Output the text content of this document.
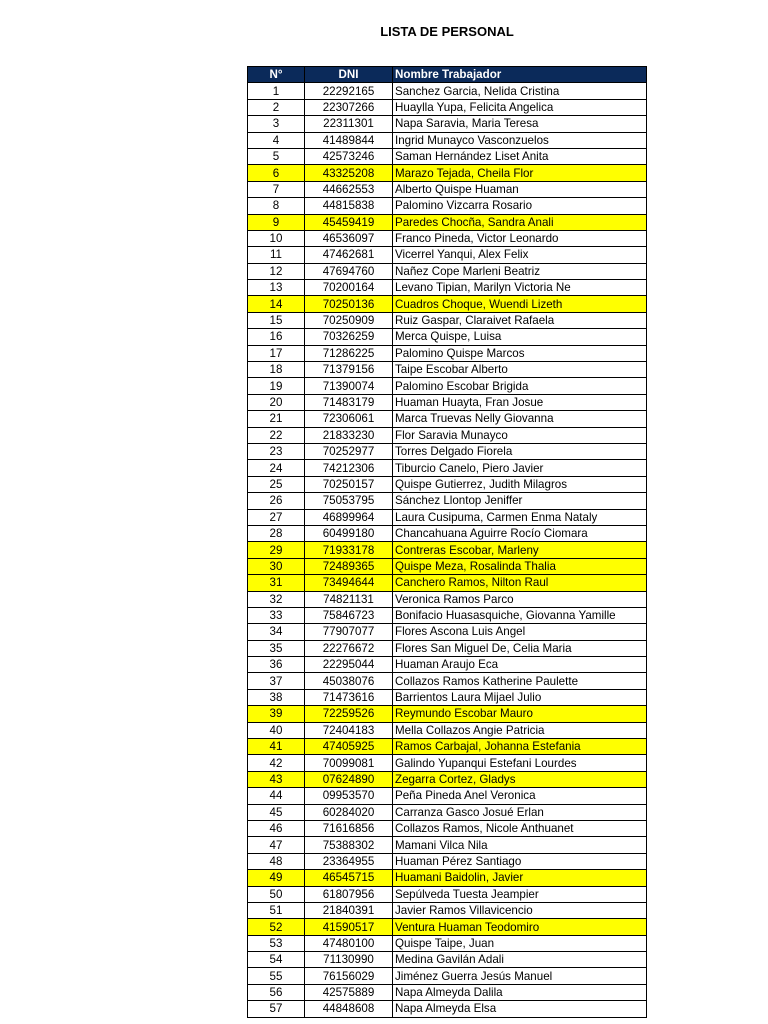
LISTA DE PERSONAL
N°	DNI	Nombre Trabajador
1	22292165	Sanchez Garcia, Nelida Cristina
2	22307266	Huaylla Yupa, Felicita Angelica
3	22311301	Napa Saravia, Maria Teresa
4	41489844	Ingrid Munayco Vasconzuelos
5	42573246	Saman Hernández Liset Anita
6	43325208	Marazo Tejada, Cheila Flor
7	44662553	Alberto Quispe Huaman
8	44815838	Palomino Vizcarra Rosario
9	45459419	Paredes Chocña, Sandra Anali
10	46536097	Franco Pineda, Victor Leonardo
11	47462681	Vicerrel Yanqui, Alex Felix
12	47694760	Nañez Cope Marleni Beatriz
13	70200164	Levano Tipian, Marilyn Victoria Ne
14	70250136	Cuadros Choque, Wuendi Lizeth
15	70250909	Ruiz Gaspar, Claraivet Rafaela
16	70326259	Merca Quispe, Luisa
17	71286225	Palomino Quispe Marcos
18	71379156	Taipe Escobar Alberto
19	71390074	Palomino Escobar Brigida
20	71483179	Huaman Huayta, Fran Josue
21	72306061	Marca Truevas Nelly Giovanna
22	21833230	Flor Saravia Munayco
23	70252977	Torres Delgado Fiorela
24	74212306	Tiburcio Canelo, Piero Javier
25	70250157	Quispe Gutierrez, Judith Milagros
26	75053795	Sánchez Llontop Jeniffer
27	46899964	Laura Cusipuma, Carmen Enma Nataly
28	60499180	Chancahuana Aguirre Rocío Ciomara
29	71933178	Contreras Escobar, Marleny
30	72489365	Quispe Meza, Rosalinda Thalia
31	73494644	Canchero Ramos, Nilton Raul
32	74821131	Veronica Ramos Parco
33	75846723	Bonifacio Huasasquiche, Giovanna Yamille
34	77907077	Flores Ascona Luis Angel
35	22276672	Flores San Miguel De, Celia Maria
36	22295044	Huaman Araujo Eca
37	45038076	Collazos Ramos Katherine Paulette
38	71473616	Barrientos Laura Mijael Julio
39	72259526	Reymundo Escobar Mauro
40	72404183	Mella Collazos Angie Patricia
41	47405925	Ramos Carbajal, Johanna Estefania
42	70099081	Galindo Yupanqui Estefani Lourdes
43	07624890	Zegarra Cortez, Gladys
44	09953570	Peña Pineda Anel Veronica
45	60284020	Carranza Gasco Josué Erlan
46	71616856	Collazos Ramos, Nicole Anthuanet
47	75388302	Mamani Vilca Nila
48	23364955	Huaman Pérez Santiago
49	46545715	Huamani Baidolin, Javier
50	61807956	Sepúlveda Tuesta Jeampier
51	21840391	Javier Ramos Villavicencio
52	41590517	Ventura Huaman Teodomiro
53	47480100	Quispe Taipe, Juan
54	71130990	Medina Gavilán Adali
55	76156029	Jiménez Guerra Jesús Manuel
56	42575889	Napa Almeyda Dalila
57	44848608	Napa Almeyda Elsa
